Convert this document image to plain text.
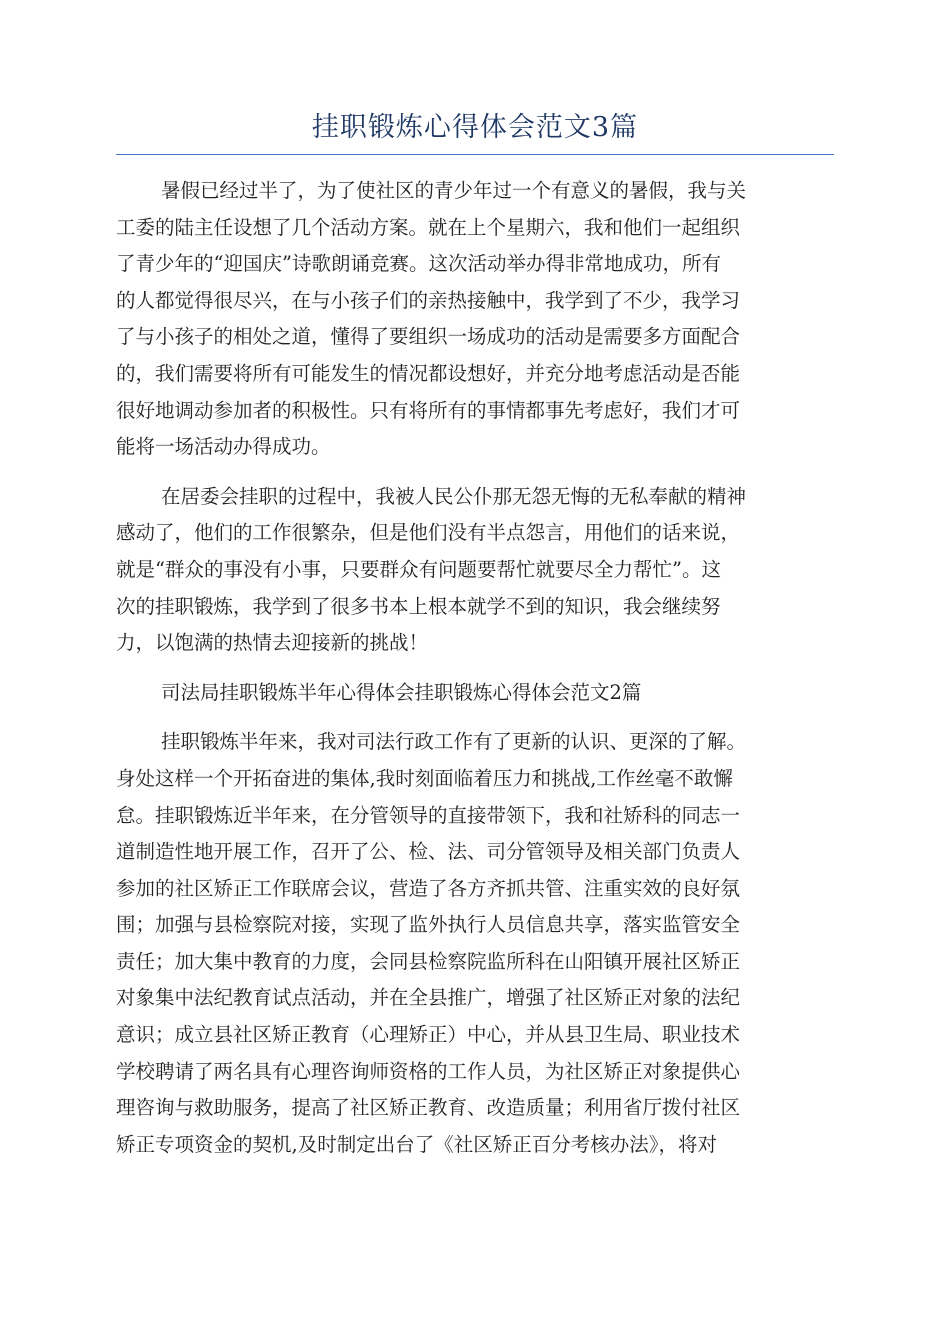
挂职锻炼心得体会范文3篇

暑假已经过半了，为了使社区的青少年过一个有意义的暑假，我与关
工委的陆主任设想了几个活动方案。就在上个星期六，我和他们一起组织
了青少年的“迎国庆”诗歌朗诵竞赛。这次活动举办得非常地成功，所有
的人都觉得很尽兴，在与小孩子们的亲热接触中，我学到了不少，我学习
了与小孩子的相处之道，懂得了要组织一场成功的活动是需要多方面配合
的，我们需要将所有可能发生的情况都设想好，并充分地考虑活动是否能
很好地调动参加者的积极性。只有将所有的事情都事先考虑好，我们才可
能将一场活动办得成功。

在居委会挂职的过程中，我被人民公仆那无怨无悔的无私奉献的精神
感动了，他们的工作很繁杂，但是他们没有半点怨言，用他们的话来说，
就是“群众的事没有小事，只要群众有问题要帮忙就要尽全力帮忙”。这
次的挂职锻炼，我学到了很多书本上根本就学不到的知识，我会继续努
力，以饱满的热情去迎接新的挑战！

司法局挂职锻炼半年心得体会挂职锻炼心得体会范文2篇

挂职锻炼半年来，我对司法行政工作有了更新的认识、更深的了解。
身处这样一个开拓奋进的集体,我时刻面临着压力和挑战,工作丝毫不敢懈
怠。挂职锻炼近半年来，在分管领导的直接带领下，我和社矫科的同志一
道制造性地开展工作，召开了公、检、法、司分管领导及相关部门负责人
参加的社区矫正工作联席会议，营造了各方齐抓共管、注重实效的良好氛
围；加强与县检察院对接，实现了监外执行人员信息共享，落实监管安全
责任；加大集中教育的力度，会同县检察院监所科在山阳镇开展社区矫正
对象集中法纪教育试点活动，并在全县推广，增强了社区矫正对象的法纪
意识；成立县社区矫正教育（心理矫正）中心，并从县卫生局、职业技术
学校聘请了两名具有心理咨询师资格的工作人员，为社区矫正对象提供心
理咨询与救助服务，提高了社区矫正教育、改造质量；利用省厅拨付社区
矫正专项资金的契机,及时制定出台了《社区矫正百分考核办法》，将对
